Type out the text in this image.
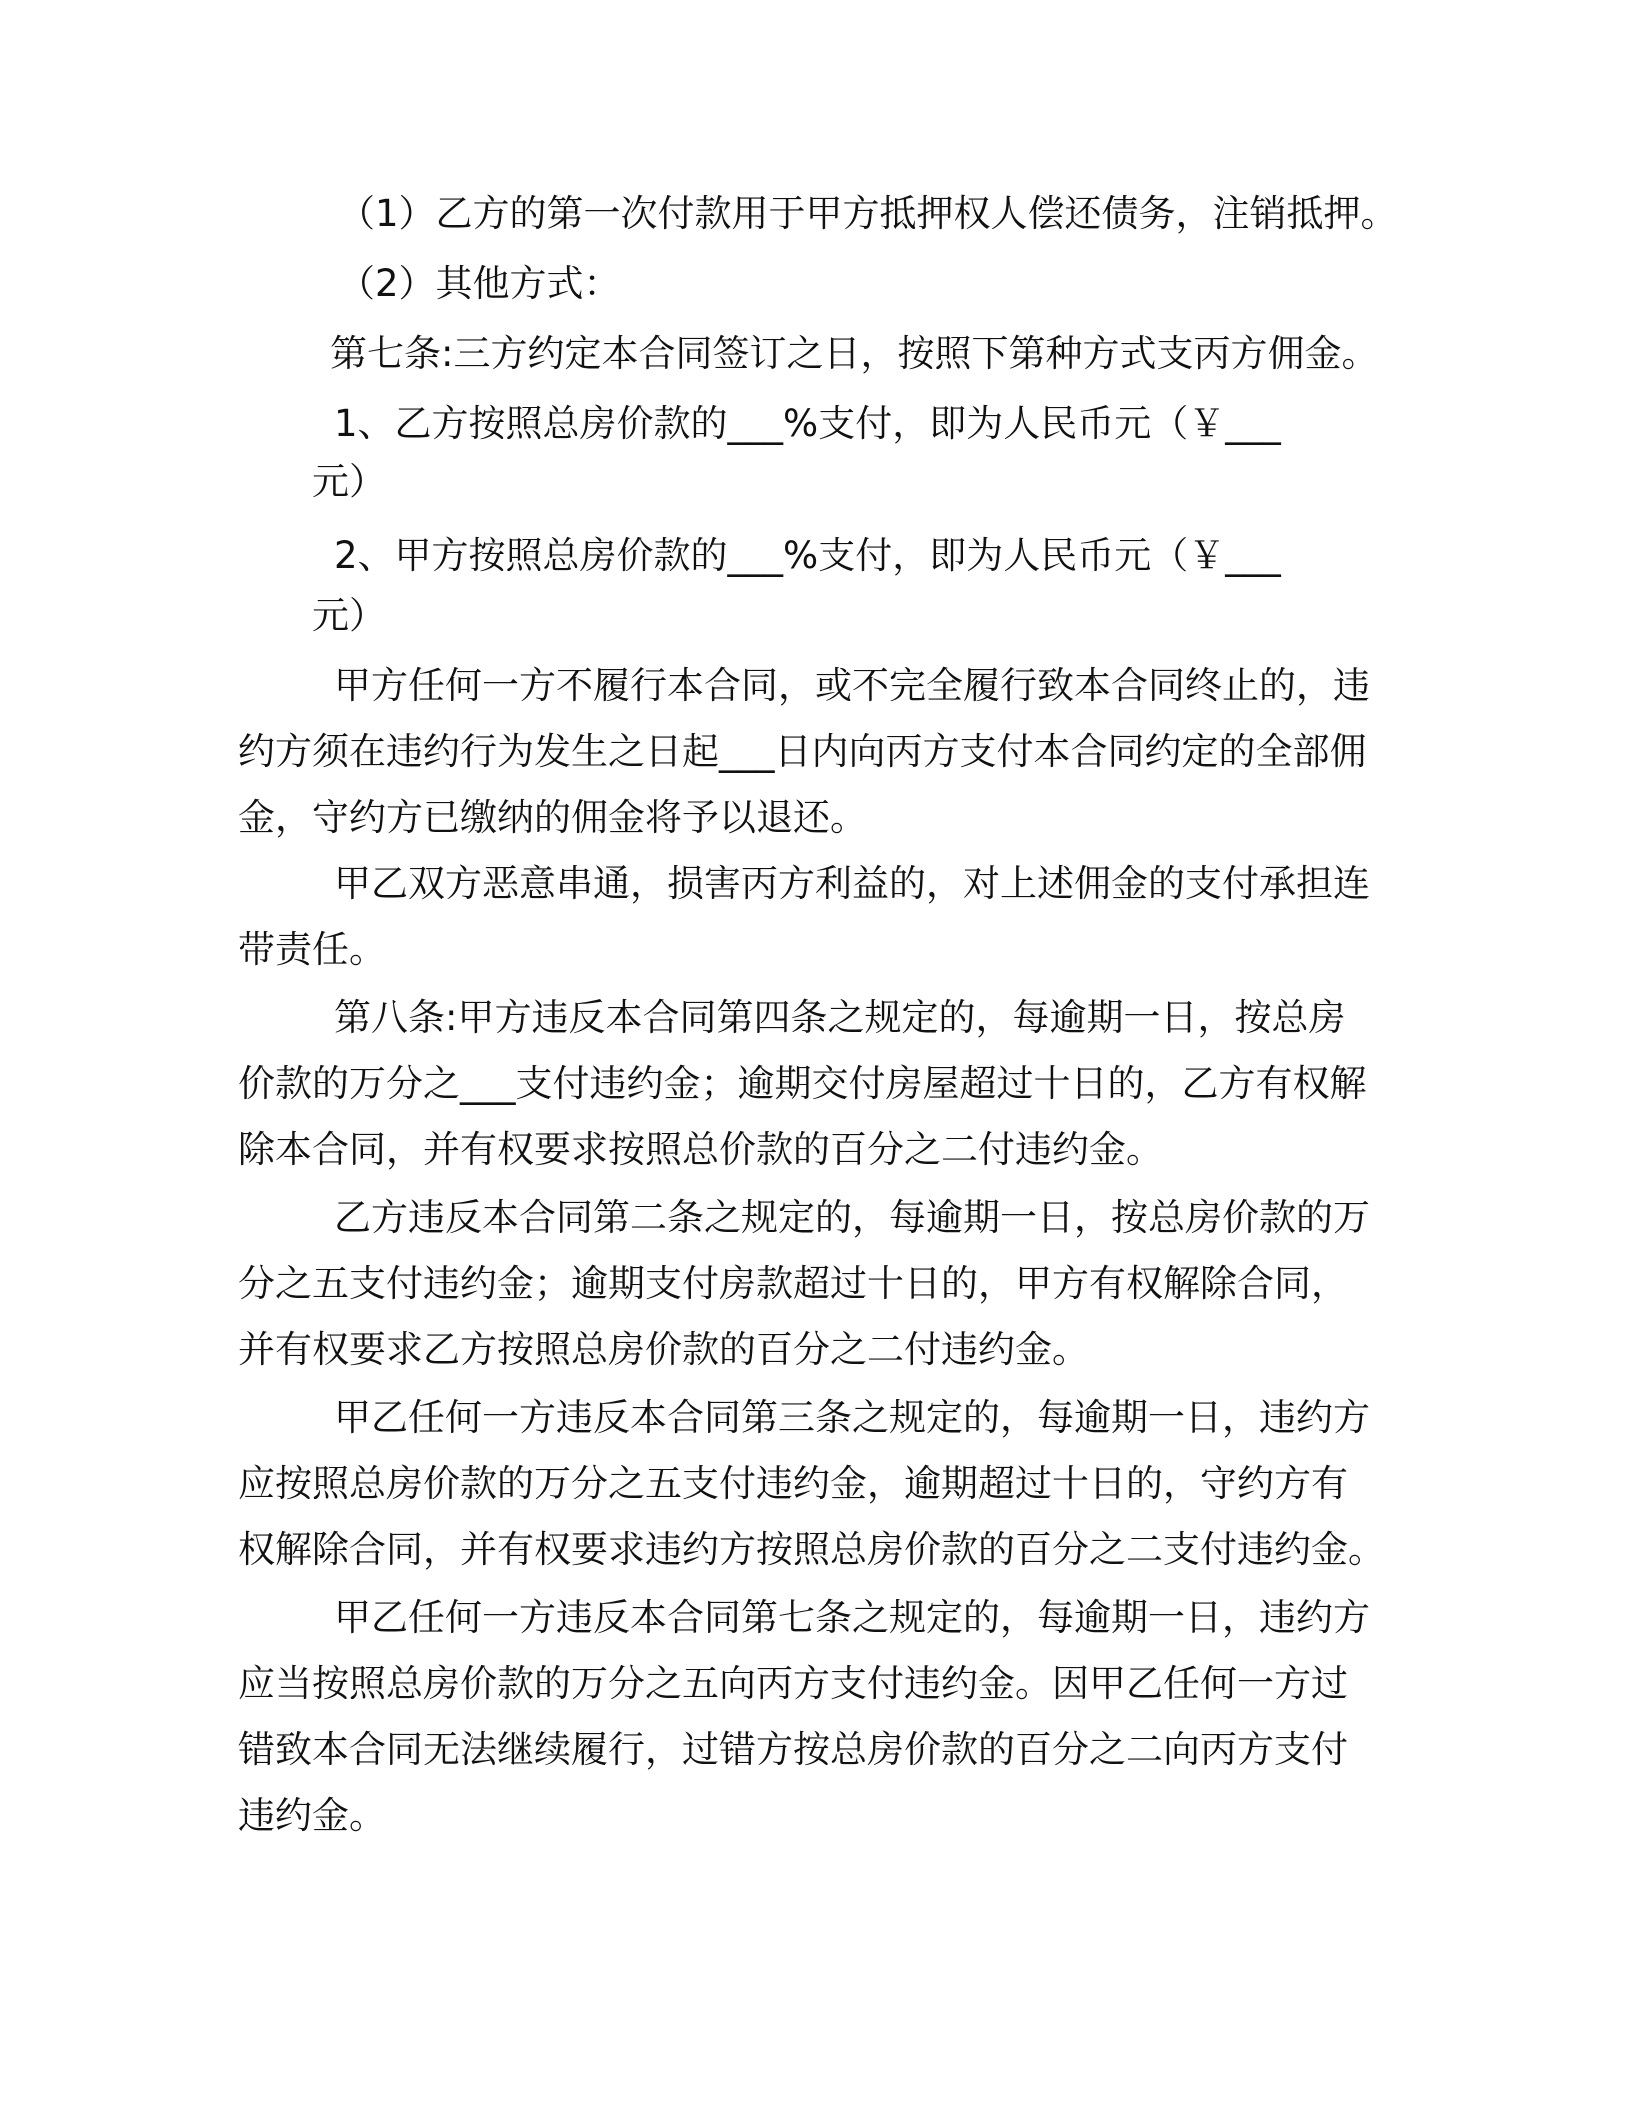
（1）乙方的第一次付款用于甲方抵押权人偿还债务，注销抵押。

（2）其他方式：

第七条:三方约定本合同签订之日，按照下第种方式支丙方佣金。

1、乙方按照总房价款的___%支付，即为人民币元（￥___

元）

2、甲方按照总房价款的___%支付，即为人民币元（￥___

元）

甲方任何一方不履行本合同，或不完全履行致本合同终止的，违

约方须在违约行为发生之日起___日内向丙方支付本合同约定的全部佣

金，守约方已缴纳的佣金将予以退还。

甲乙双方恶意串通，损害丙方利益的，对上述佣金的支付承担连

带责任。

第八条:甲方违反本合同第四条之规定的，每逾期一日，按总房

价款的万分之___支付违约金；逾期交付房屋超过十日的，乙方有权解

除本合同，并有权要求按照总价款的百分之二付违约金。

乙方违反本合同第二条之规定的，每逾期一日，按总房价款的万

分之五支付违约金；逾期支付房款超过十日的，甲方有权解除合同，

并有权要求乙方按照总房价款的百分之二付违约金。

甲乙任何一方违反本合同第三条之规定的，每逾期一日，违约方

应按照总房价款的万分之五支付违约金，逾期超过十日的，守约方有

权解除合同，并有权要求违约方按照总房价款的百分之二支付违约金。

甲乙任何一方违反本合同第七条之规定的，每逾期一日，违约方

应当按照总房价款的万分之五向丙方支付违约金。因甲乙任何一方过

错致本合同无法继续履行，过错方按总房价款的百分之二向丙方支付

违约金。
